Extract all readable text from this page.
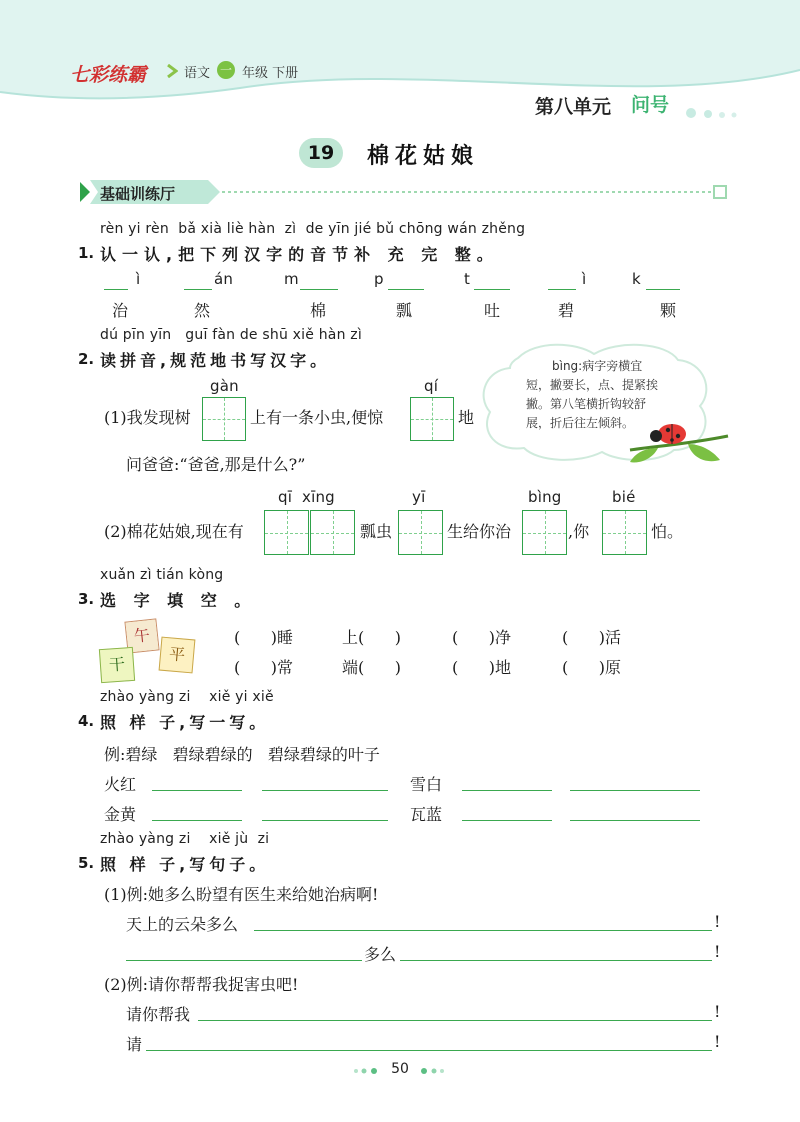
七彩练霸	语文 一 年级 下册
第八单元 问号
19	棉花姑娘
基础训练厅
rèn yi rèn  bǎ xià liè hàn  zì  de yīn jié bǔ chōng wán zhěng
1. 认一认,把下列汉字的音节补 充 完 整。
ì	án	m	p	t	ì	k
治	然	棉	瓢	吐	碧	颗
dú pīn yīn   guī fàn de shū xiě hàn zì
2. 读拼音,规范地书写汉字。	bìng:病字旁横宜
短，撇要长，点、提紧挨
撇。第八笔横折钩较舒
展，折后往左倾斜。
gàn	qí
(1)我发现树	上有一条小虫,便惊	地
问爸爸:“爸爸,那是什么?”
qī  xīng	yī	bìng	bié
(2)棉花姑娘,现在有	瓢虫	生给你治	,你	怕。
xuǎn zì tián kòng
3. 选 字 填 空 。
午
干	平
(      )睡	上(      )	(      )净	(      )活
(      )常	端(      )	(      )地	(      )原
zhào yàng zi    xiě yi xiě
4. 照 样 子,写一写。
例:碧绿   碧绿碧绿的   碧绿碧绿的叶子
火红	雪白
金黄	瓦蓝
zhào yàng zi    xiě jù  zi
5. 照 样 子,写句子。
(1)例:她多么盼望有医生来给她治病啊!
天上的云朵多么	!
多么	!
(2)例:请你帮帮我捉害虫吧!
请你帮我	!
请	!
50
